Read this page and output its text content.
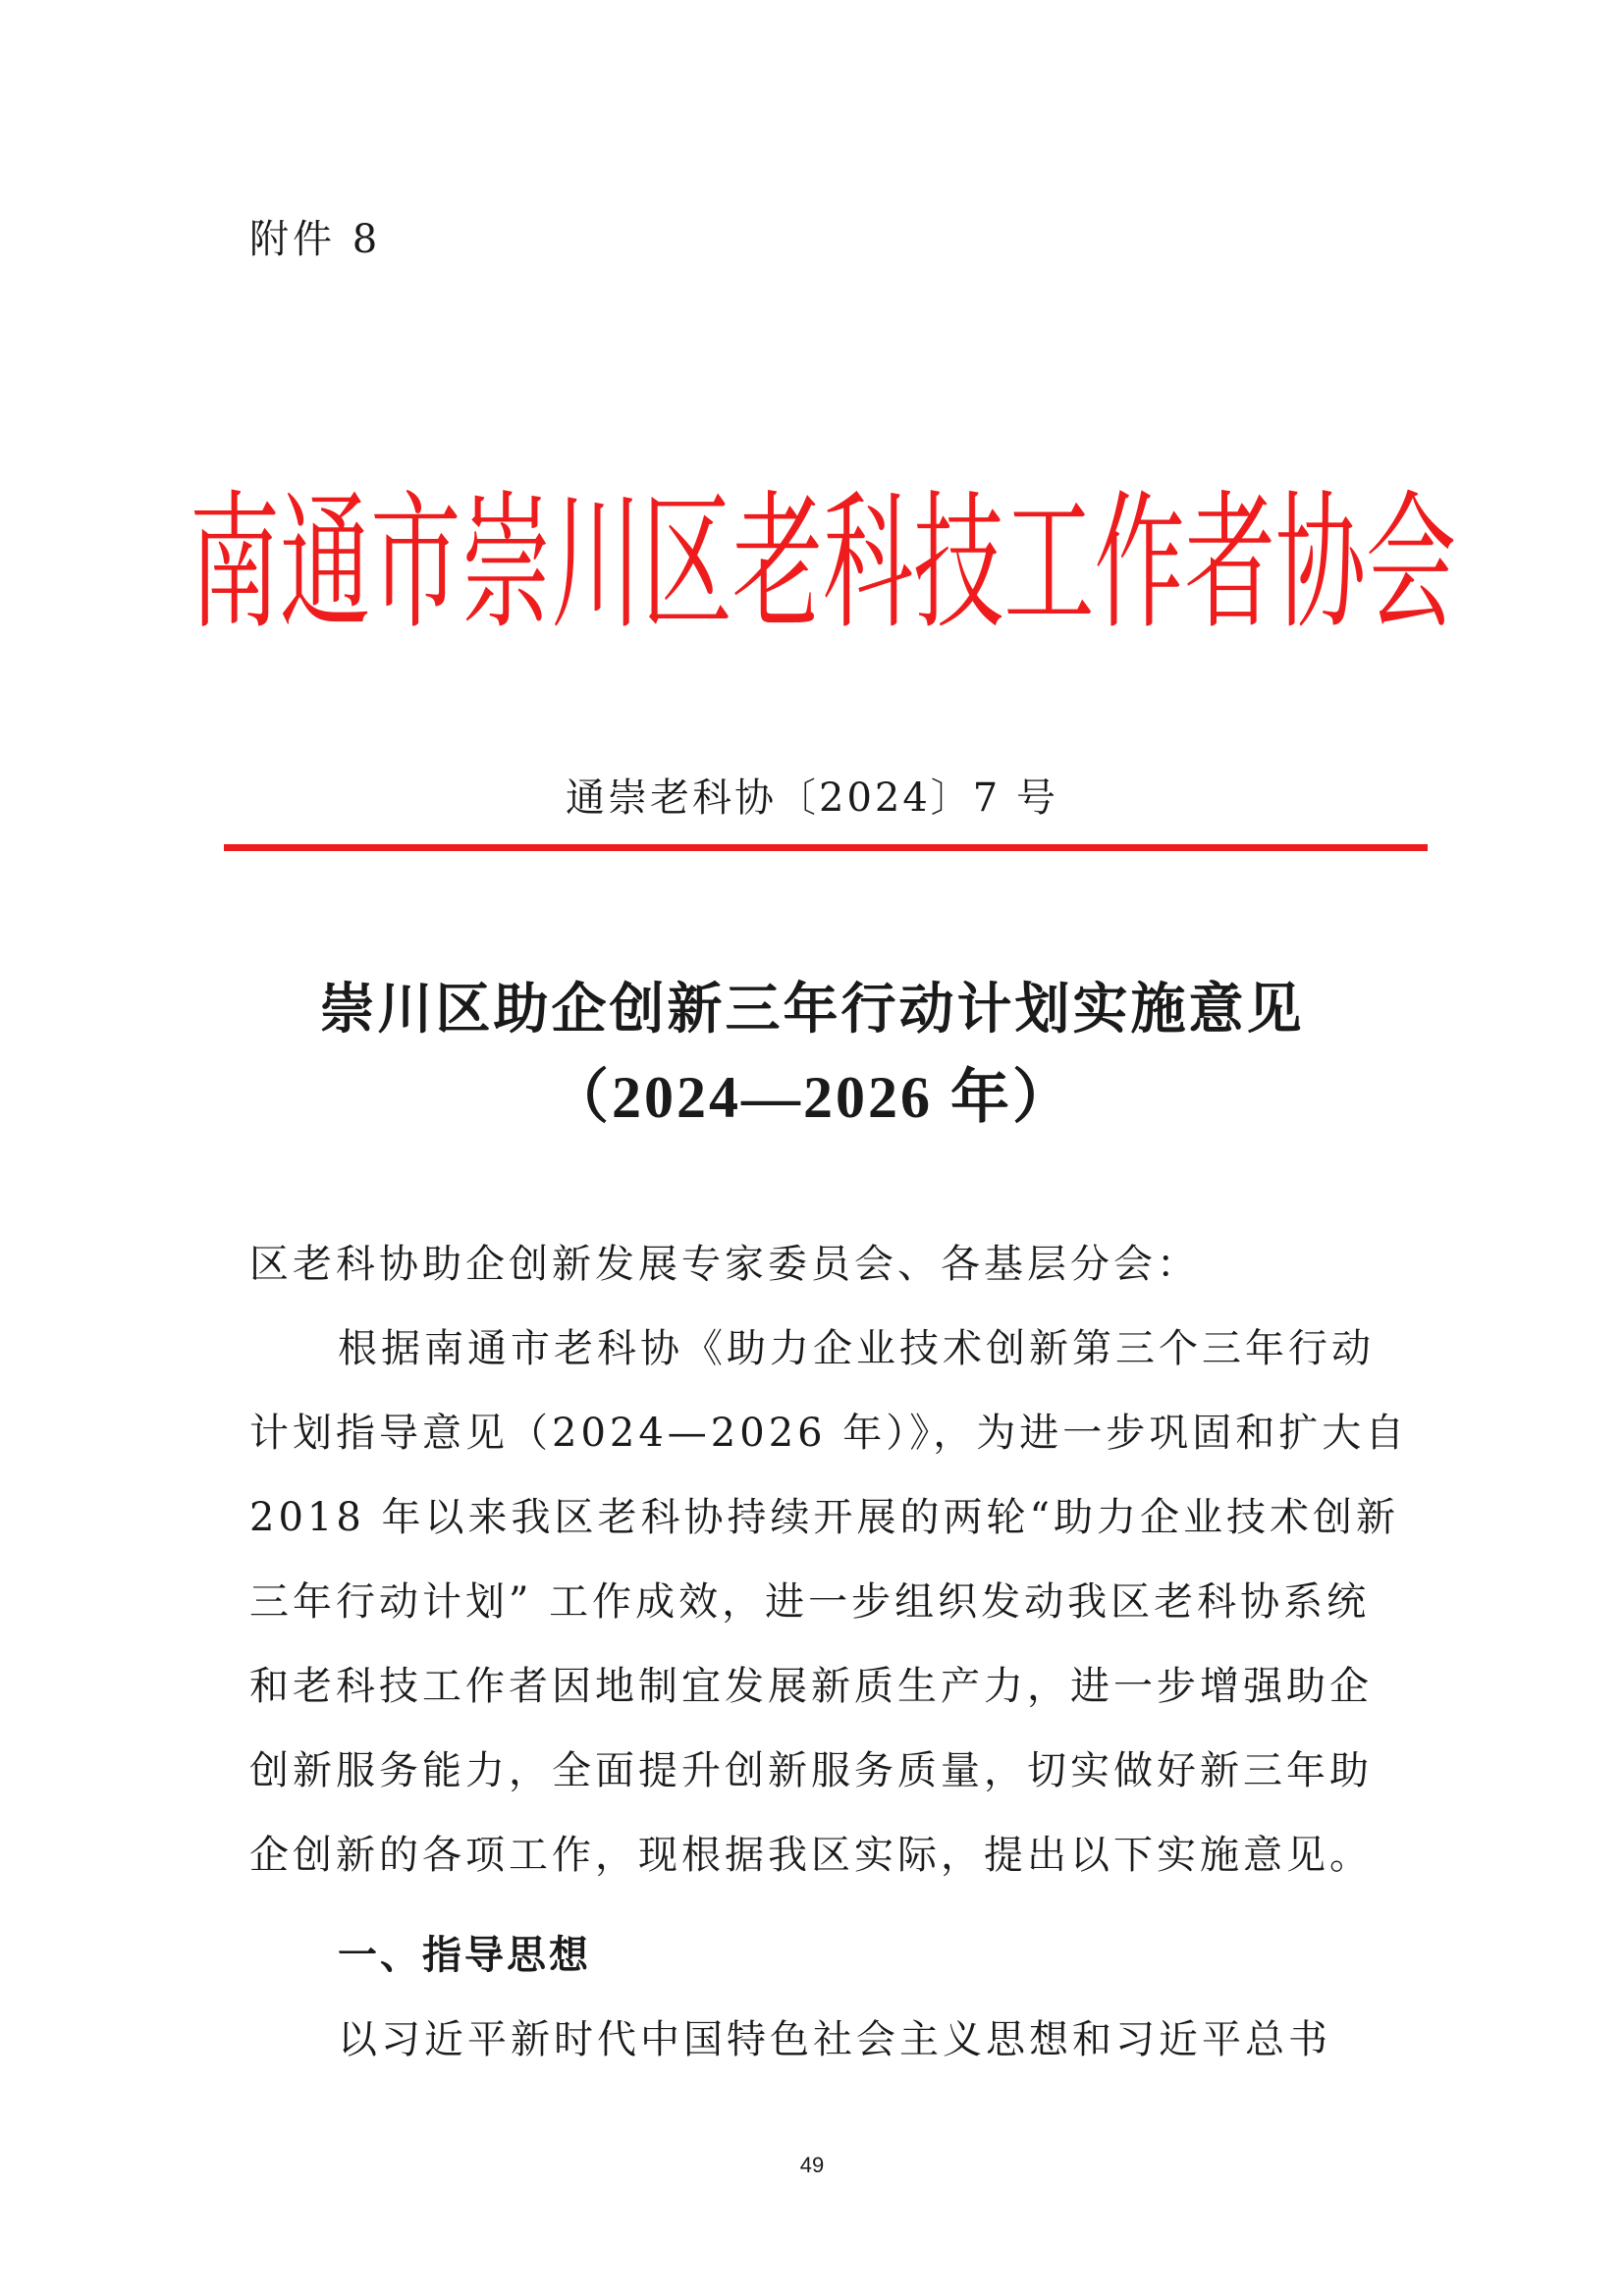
附件 8
南通市崇川区老科技工作者协会
通崇老科协〔2024〕7 号
崇川区助企创新三年行动计划实施意见
（2024—2026 年）
区老科协助企创新发展专家委员会、各基层分会：
根据南通市老科协《助力企业技术创新第三个三年行动
计划指导意见（2024—2026 年）》，为进一步巩固和扩大自
2018 年以来我区老科协持续开展的两轮“助力企业技术创新
三年行动计划” 工作成效，进一步组织发动我区老科协系统
和老科技工作者因地制宜发展新质生产力，进一步增强助企
创新服务能力，全面提升创新服务质量，切实做好新三年助
企创新的各项工作，现根据我区实际，提出以下实施意见。
一、指导思想
以习近平新时代中国特色社会主义思想和习近平总书
49
